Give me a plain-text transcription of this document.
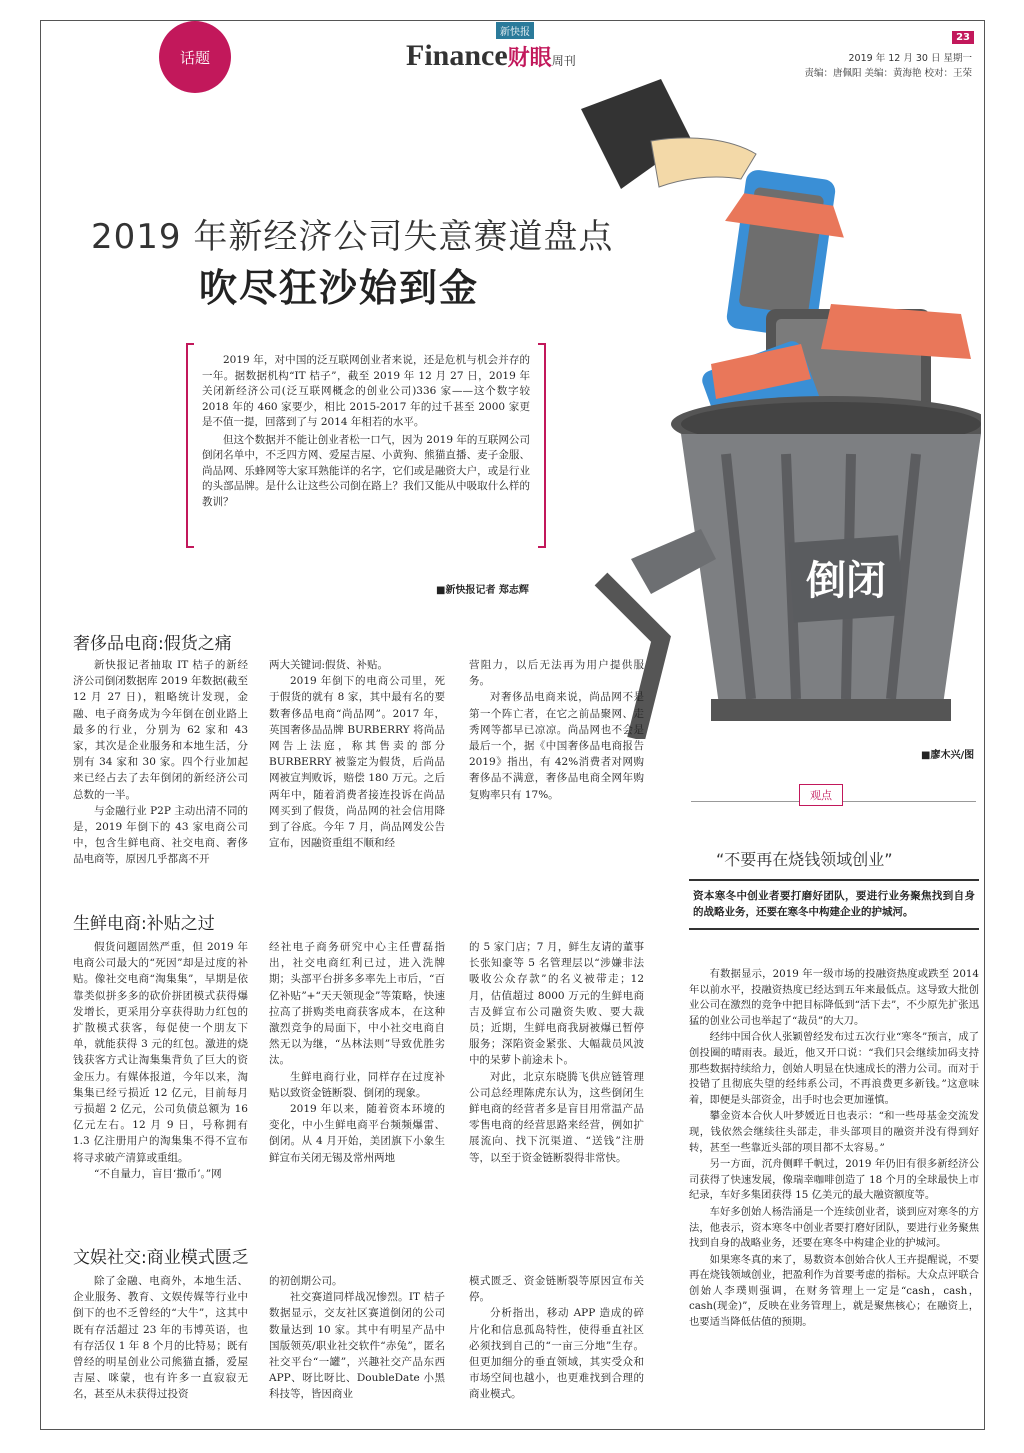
话题
新快报
Finance财眼周刊
23
2019 年 12 月 30 日 星期一
责编：唐佩阳 美编：黄海艳 校对：王荣
倒闭
2019 年新经济公司失意赛道盘点
吹尽狂沙始到金

2019 年，对中国的泛互联网创业者来说，还是危机与机会并存的一年。据数据机构“IT 桔子”，截至 2019 年 12 月 27 日，2019 年关闭新经济公司(泛互联网概念的创业公司)336 家——这个数字较 2018 年的 460 家要少，相比 2015-2017 年的过千甚至 2000 家更是不值一提，回落到了与 2014 年相若的水平。

但这个数据并不能让创业者松一口气，因为 2019 年的互联网公司倒闭名单中，不乏四方网、爱屋吉屋、小黄狗、熊猫直播、麦子金服、尚品网、乐蜂网等大家耳熟能详的名字，它们或是融资大户，或是行业的头部品牌。是什么让这些公司倒在路上？我们又能从中吸取什么样的教训？

■新快报记者 郑志辉
■廖木兴/图
奢侈品电商:假货之痛

新快报记者抽取 IT 桔子的新经济公司倒闭数据库 2019 年数据(截至 12 月 27 日)，粗略统计发现，金融、电子商务成为今年倒在创业路上最多的行业，分别为 62 家和 43 家，其次是企业服务和本地生活，分别有 34 家和 30 家。四个行业加起来已经占去了去年倒闭的新经济公司总数的一半。

与金融行业 P2P 主动出清不同的是，2019 年倒下的 43 家电商公司中，包含生鲜电商、社交电商、奢侈品电商等，原因几乎都离不开

两大关键词:假货、补贴。

2019 年倒下的电商公司里，死于假货的就有 8 家，其中最有名的要数奢侈品电商“尚品网”。2017 年，英国奢侈品品牌 BURBERRY 将尚品网告上法庭，称其售卖的部分 BURBERRY 被鉴定为假货，后尚品网被宣判败诉，赔偿 180 万元。之后两年中，随着消费者接连投诉在尚品网买到了假货，尚品网的社会信用降到了谷底。今年 7 月，尚品网发公告宣布，因融资重组不顺和经

营阻力，以后无法再为用户提供服务。

对奢侈品电商来说，尚品网不是第一个阵亡者，在它之前品聚网、走秀网等都早已凉凉。尚品网也不会是最后一个，据《中国奢侈品电商报告 2019》指出，有 42%消费者对网购奢侈品不满意，奢侈品电商全网年购复购率只有 17%。

生鲜电商:补贴之过

假货问题固然严重，但 2019 年电商公司最大的“死因”却是过度的补贴。像社交电商“淘集集”，早期是依靠类似拼多多的砍价拼团模式获得爆发增长，更采用分享获得助力红包的扩散模式获客，每促使一个朋友下单，就能获得 3 元的红包。激进的烧钱获客方式让淘集集背负了巨大的资金压力。有媒体报道，今年以来，淘集集已经亏损近 12 亿元，目前每月亏损超 2 亿元，公司负债总额为 16 亿元左右。12 月 9 日，号称拥有 1.3 亿注册用户的淘集集不得不宣布将寻求破产清算或重组。

“不自量力，盲目‘撒币’。”网

经社电子商务研究中心主任曹磊指出，社交电商红利已过，进入洗牌期；头部平台拼多多率先上市后，“百亿补贴”+“天天领现金”等策略，快速拉高了拼购类电商获客成本，在这种激烈竞争的局面下，中小社交电商自然无以为继，“丛林法则”导致优胜劣汰。

生鲜电商行业，同样存在过度补贴以致资金链断裂、倒闭的现象。

2019 年以来，随着资本环境的变化，中小生鲜电商平台频频爆雷、倒闭。从 4 月开始，美团旗下小象生鲜宣布关闭无锡及常州两地

的 5 家门店；7 月，鲜生友请的董事长张知豪等 5 名管理层以“涉嫌非法吸收公众存款”的名义被带走；12 月，估值超过 8000 万元的生鲜电商吉及鲜宣布公司融资失败、要大裁员；近期，生鲜电商我厨被爆已暂停服务；深陷资金紧张、大幅裁员风波中的呆萝卜前途未卜。

对此，北京东晓腾飞供应链管理公司总经理陈虎东认为，这些倒闭生鲜电商的经营者多是盲目用常温产品零售电商的经营思路来经营，例如扩展流向、找下沉渠道、“送钱”注册等，以至于资金链断裂得非常快。

文娱社交:商业模式匮乏

除了金融、电商外，本地生活、企业服务、教育、文娱传媒等行业中倒下的也不乏曾经的“大牛”，这其中既有存活超过 23 年的韦博英语，也有存活仅 1 年 8 个月的比特易；既有曾经的明星创业公司熊猫直播，爱屋吉屋、咪蒙，也有许多一直寂寂无名，甚至从未获得过投资

的初创期公司。

社交赛道同样战况惨烈。IT 桔子数据显示，交友社区赛道倒闭的公司数量达到 10 家。其中有明星产品中国版领英/职业社交软件“赤兔”，匿名社交平台“一罐”，兴趣社交产品东西 APP、呀比呀比、DoubleDate 小黑科技等，皆因商业

模式匮乏、资金链断裂等原因宣布关停。

分析指出，移动 APP 造成的碎片化和信息孤岛特性，使得垂直社区必须找到自己的“一亩三分地”生存。但更加细分的垂直领域，其实受众和市场空间也越小，也更难找到合理的商业模式。

观点
“不要再在烧钱领域创业”
资本寒冬中创业者要打磨好团队，要进行业务聚焦找到自身的战略业务，还要在寒冬中构建企业的护城河。

有数据显示，2019 年一级市场的投融资热度或跌至 2014 年以前水平，投融资热度已经达到五年来最低点。这导致大批创业公司在激烈的竞争中把目标降低到“活下去”，不少原先扩张迅猛的创业公司也举起了“裁员”的大刀。

经纬中国合伙人张颖曾经发布过五次行业“寒冬”预言，成了创投圈的晴雨表。最近，他又开口说：“我们只会继续加码支持那些数据持续给力，创始人明显在快速成长的潜力公司。而对于投错了且彻底失望的经纬系公司，不再浪费更多新钱。”这意味着，即便是头部资金，出手时也会更加谨慎。

攀金资本合伙人叶梦媛近日也表示：“和一些母基金交流发现，钱依然会继续往头部走，非头部项目的融资并没有得到好转，甚至一些靠近头部的项目都不太容易。”

另一方面，沉舟侧畔千帆过，2019 年仍旧有很多新经济公司获得了快速发展，像瑞幸咖啡创造了 18 个月的全球最快上市纪录，车好多集团获得 15 亿美元的最大融资额度等。

车好多创始人杨浩涌是一个连续创业者，谈到应对寒冬的方法，他表示，资本寒冬中创业者要打磨好团队，要进行业务聚焦找到自身的战略业务，还要在寒冬中构建企业的护城河。

如果寒冬真的来了，易数资本创始合伙人王卉提醒说，不要再在烧钱领域创业，把盈利作为首要考虑的指标。大众点评联合创始人李璞则强调，在财务管理上一定是“cash，cash，cash(现金)”，反映在业务管理上，就是聚焦核心；在融资上，也要适当降低估值的预期。
